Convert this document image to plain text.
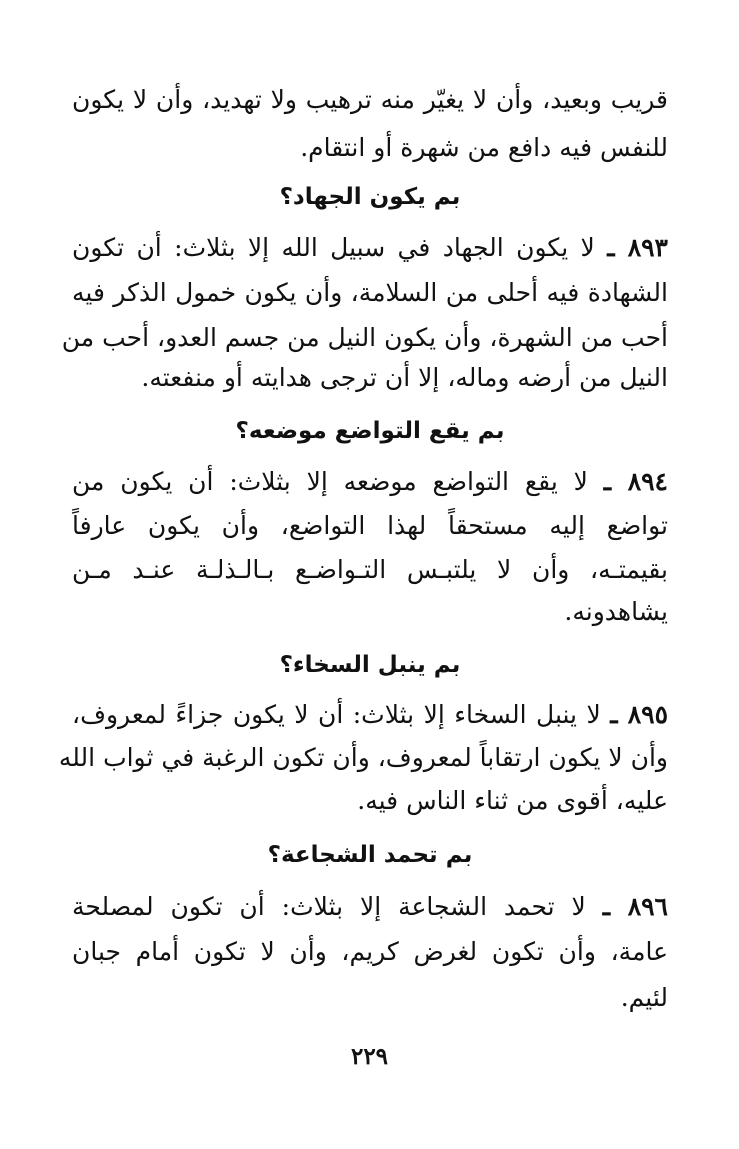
قريب وبعيد، وأن لا يغيّر منه ترهيب ولا تهديد، وأن لا يكون
للنفس فيه دافع من شهرة أو انتقام.
بم يكون الجهاد؟
٨٩٣ ـ لا يكون الجهاد في سبيل الله إلا بثلاث: أن تكون
الشهادة فيه أحلى من السلامة، وأن يكون خمول الذكر فيه
أحب من الشهرة، وأن يكون النيل من جسم العدو، أحب من
النيل من أرضه وماله، إلا أن ترجى هدايته أو منفعته.
بم يقع التواضع موضعه؟
٨٩٤ ـ لا يقع التواضع موضعه إلا بثلاث: أن يكون من
تواضع إليه مستحقاً لهذا التواضع، وأن يكون عارفاً
بقيمتـه، وأن لا يلتبـس التـواضـع بـالـذلـة عنـد مـن
يشاهدونه.
بم ينبل السخاء؟
٨٩٥ ـ لا ينبل السخاء إلا بثلاث: أن لا يكون جزاءً لمعروف،
وأن لا يكون ارتقاباً لمعروف، وأن تكون الرغبة في ثواب الله
عليه، أقوى من ثناء الناس فيه.
بم تحمد الشجاعة؟
٨٩٦ ـ لا تحمد الشجاعة إلا بثلاث: أن تكون لمصلحة
عامة، وأن تكون لغرض كريم، وأن لا تكون أمام جبان
لئيم.
٢٢٩
